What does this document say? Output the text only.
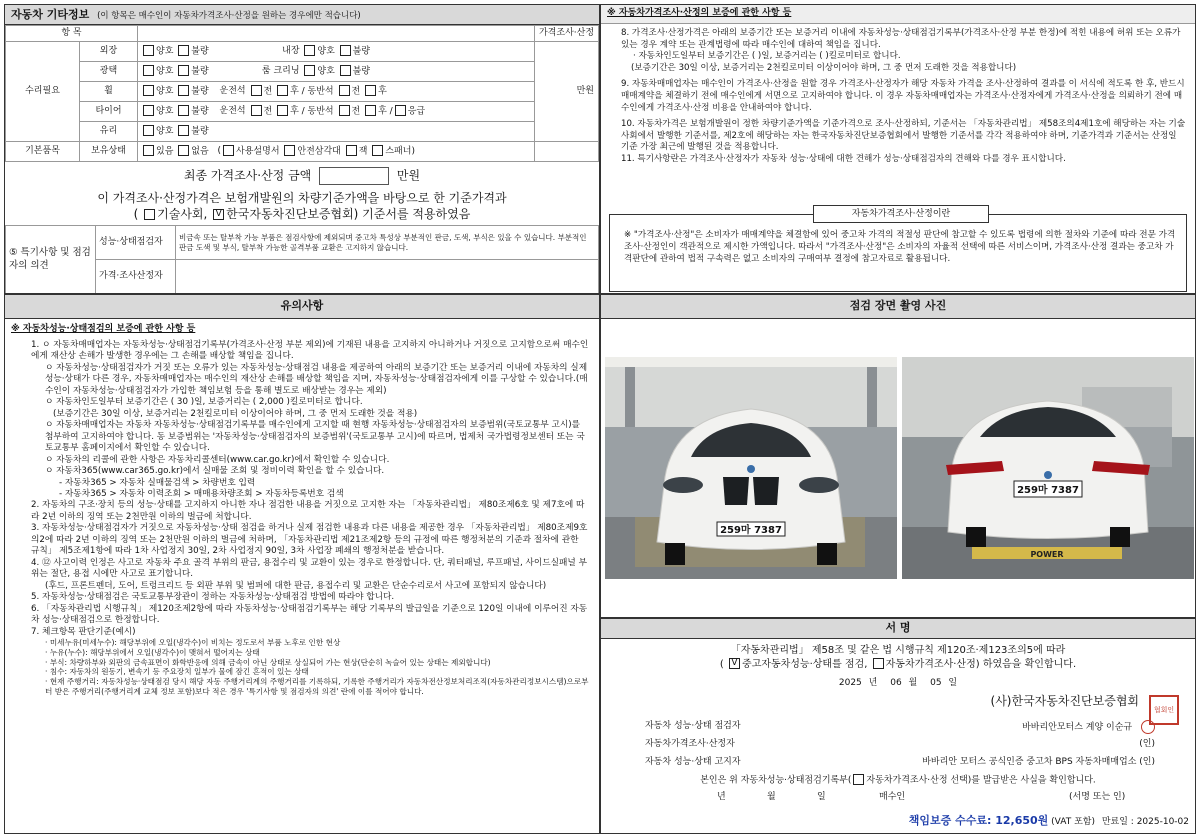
자동차 기타정보 (이 항목은 매수인이 자동차가격조사·산정을 원하는 경우에만 적습니다)
항 목			가격조사·산정
수리필요	외장	양호 불량 내장 양호 불량	만원
	광택	양호 불량 룸 크리닝 양호 불량	
	휠	양호 불량 운전석 전 후 / 동반석 전 후	
	타이어	양호 불량 운전석 전 후 / 동반석 전 후 / 응급	
	유리	양호 불량	
기본품목	보유상태	있음 없음 ( 사용설명서 안전삼각대 잭 스패너)	
최종 가격조사·산정 금액	만원

이 가격조사·산정가격은 보험개발원의 차량기준가액을 바탕으로 한 기준가격과

( 기술사회, V 한국자동차진단보증협회) 기준서를 적용하였음

⑤ 특기사항 및 점검자의 의견	성능·상태점검자	비금속 또는 탈부착 가능 부품은 점검사항에 제외되며 중고차 특성상 부분적인 판금, 도색, 부식은 있을 수 있습니다. 부분적인 판금 도색 및 부식, 탈부착 가능한 골격부품 교환은 고지하지 않습니다.
	가격·조사산정자	
※ 자동차가격조사·산정의 보증에 관한 사항 등

8. 가격조사·산정가격은 아래의 보증기간 또는 보증거리 이내에 자동차성능·상태점검기록부(가격조사·산정 부분 한정)에 적힌 내용에 허위 또는 오류가 있는 경우 계약 또는 관계법령에 따라 매수인에 대하여 책임을 집니다.

· 자동차인도일부터 보증기간은 ( )일, 보증거리는 ( )킬로미터로 합니다.

(보증기간은 30일 이상, 보증거리는 2천킬로미터 이상이어야 하며, 그 중 먼저 도래한 것을 적용합니다)

9. 자동차매매업자는 매수인이 가격조사·산정을 원할 경우 가격조사·산정자가 해당 자동차 가격을 조사·산정하여 결과를 이 서식에 적도록 한 후, 반드시 매매계약을 체결하기 전에 매수인에게 서면으로 고지하여야 합니다. 이 경우 자동차매매업자는 가격조사·산정자에게 가격조사·산정을 의뢰하기 전에 매수인에게 가격조사·산정 비용을 안내하여야 합니다.

10. 자동차가격은 보험개발원이 정한 차량기준가액을 기준가격으로 조사·산정하되, 기준서는 「자동차관리법」 제58조의4제1호에 해당하는 자는 기술사회에서 발행한 기준서를, 제2호에 해당하는 자는 한국자동차진단보증협회에서 발행한 기준서를 각각 적용하여야 하며, 기준가격과 기준서는 산정일 기준 가장 최근에 발행된 것을 적용합니다.

11. 특기사항란은 가격조사·산정자가 자동차 성능·상태에 대한 견해가 성능·상태점검자의 견해와 다를 경우 표시합니다.

자동차가격조사·산정이란

※ "가격조사·산정"은 소비자가 매매계약을 체결함에 있어 중고차 가격의 적절성 판단에 참고할 수 있도록 법령에 의한 절차와 기준에 따라 전문 가격조사·산정인이 객관적으로 제시한 가액입니다. 따라서 "가격조사·산정"은 소비자의 자율적 선택에 따른 서비스이며, 가격조사·산정 결과는 중고차 가격판단에 관하여 법적 구속력은 없고 소비자의 구매여부 결정에 참고자료로 활용됩니다.

유의사항
※ 자동차성능·상태점검의 보증에 관한 사항 등

1. ㅇ 자동차매매업자는 자동차성능·상태점검기록부(가격조사·산정 부분 제외)에 기재된 내용을 고지하지 아니하거나 거짓으로 고지함으로써 매수인에게 재산상 손해가 발생한 경우에는 그 손해를 배상할 책임을 집니다.

ㅇ 자동차성능·상태점검자가 거짓 또는 오류가 있는 자동차성능·상태점검 내용을 제공하여 아래의 보증기간 또는 보증거리 이내에 자동차의 실제 성능·상태가 다른 경우, 자동차매매업자는 매수인의 재산상 손해를 배상할 책임을 지며, 자동차성능·상태점검자에게 이를 구상할 수 있습니다.(매수인이 자동차성능·상태점검자가 가입한 책임보험 등을 통해 별도로 배상받는 경우는 제외)

ㅇ 자동차인도일부터 보증기간은 ( 30 )일, 보증거리는 ( 2,000 )킬로미터로 합니다.

(보증기간은 30일 이상, 보증거리는 2천킬로미터 이상이어야 하며, 그 중 먼저 도래한 것을 적용)

ㅇ 자동차매매업자는 자동차 자동차성능·상태점검기록부를 매수인에게 고지할 때 현행 자동차성능·상태점검자의 보증범위(국토교통부 고시)를 첨부하여 고지하여야 합니다. 동 보증범위는 '자동차성능·상태점검자의 보증범위'(국토교통부 고시)에 따르며, 법제처 국가법령정보센터 또는 국토교통부 홈페이지에서 확인할 수 있습니다.

ㅇ 자동차의 리콜에 관한 사항은 자동차리콜센터(www.car.go.kr)에서 확인할 수 있습니다.

ㅇ 자동차365(www.car365.go.kr)에서 실매물 조회 및 정비이력 확인을 할 수 있습니다.

- 자동차365 > 자동차 실매물검색 > 차량번호 입력

- 자동차365 > 자동차 이력조회 > 매매용차량조회 > 자동차등록번호 검색

2. 자동차의 구조·장치 등의 성능·상태를 고지하지 아니한 자나 점검한 내용을 거짓으로 고지한 자는 「자동차관리법」 제80조제6호 및 제7호에 따라 2년 이하의 징역 또는 2천만원 이하의 벌금에 처합니다.

3. 자동차성능·상태점검자가 거짓으로 자동차성능·상태 점검을 하거나 실제 점검한 내용과 다른 내용을 제공한 경우 「자동차관리법」 제80조제9호의2에 따라 2년 이하의 징역 또는 2천만원 이하의 벌금에 처하며, 「자동차관리법 제21조제2항 등의 규정에 따른 행정처분의 기준과 절차에 관한 규칙」 제5조제1항에 따라 1차 사업정지 30일, 2차 사업정지 90일, 3차 사업장 폐쇄의 행정처분을 받습니다.

4. ⑫ 사고이력 인정은 사고로 자동차 주요 골격 부위의 판금, 용접수리 및 교환이 있는 경우로 한정합니다. 단, 쿼터패널, 루프패널, 사이드실패널 부위는 절단, 용접 시에만 사고로 표기합니다.

(후드, 프론트펜더, 도어, 트렁크리드 등 외판 부위 및 범퍼에 대한 판금, 용접수리 및 교환은 단순수리로서 사고에 포함되지 않습니다)

5. 자동차성능·상태점검은 국토교통부장관이 정하는 자동차성능·상태점검 방법에 따라야 합니다.

6. 「자동차관리법 시행규칙」 제120조제2항에 따라 자동차성능·상태점검기록부는 해당 기록부의 발급일을 기준으로 120일 이내에 이루어진 자동차 성능·상태점검으로 한정합니다.

7. 체크항목 판단기준(예시)

· 미세누유(미세누수): 해당부위에 오일(냉각수)이 비치는 정도로서 부품 노후로 인한 현상

· 누유(누수): 해당부위에서 오일(냉각수)이 맺혀서 떨어지는 상태

· 부식: 차량하부와 외판의 금속표면이 화학반응에 의해 금속이 아닌 상태로 상실되어 가는 현상(단순히 녹슬어 있는 상태는 제외합니다)

· 침수: 자동차의 원동기, 변속기 등 주요장치 일부가 물에 잠긴 흔적이 있는 상태

· 현재 주행거리: 자동차성능·상태점검 당시 해당 자동 주행거리계의 주행거리를 기록하되, 기록한 주행거리가 자동차전산정보처리조직(자동차관리정보시스템)으로부터 받은 주행거리(주행거리계 교체 정보 포함)보다 적은 경우 '특기사항 및 점검자의 의견' 란에 이를 적어야 합니다.

점검 장면 촬영 사진
259마 7387
POWER
259마 7387
서 명

「자동차관리법」 제58조 및 같은 법 시행규칙 제120조·제123조의5에 따라

( V 중고자동차성능·상태를 점검, 자동차가격조사·산정) 하였음을 확인합니다.

2025 년 06 월 05 일
(사)한국자동차진단보증협회
협회인
자동차 성능·상태 점검자	바바리안모터스 계양 이순규
자동차가격조사·산정자	(인)
자동차 성능·상태 고지자	바바리안 모터스 공식인증 중고차 BPS 자동차매매업소 (인)
본인은 위 자동차성능·상태점검기록부( 자동차가격조사·산정 선택)를 발급받은 사실을 확인합니다.
년	월	일	매수인	(서명 또는 인)
책임보증 수수료: 12,650원 (VAT 포함) 만료일 : 2025-10-02
